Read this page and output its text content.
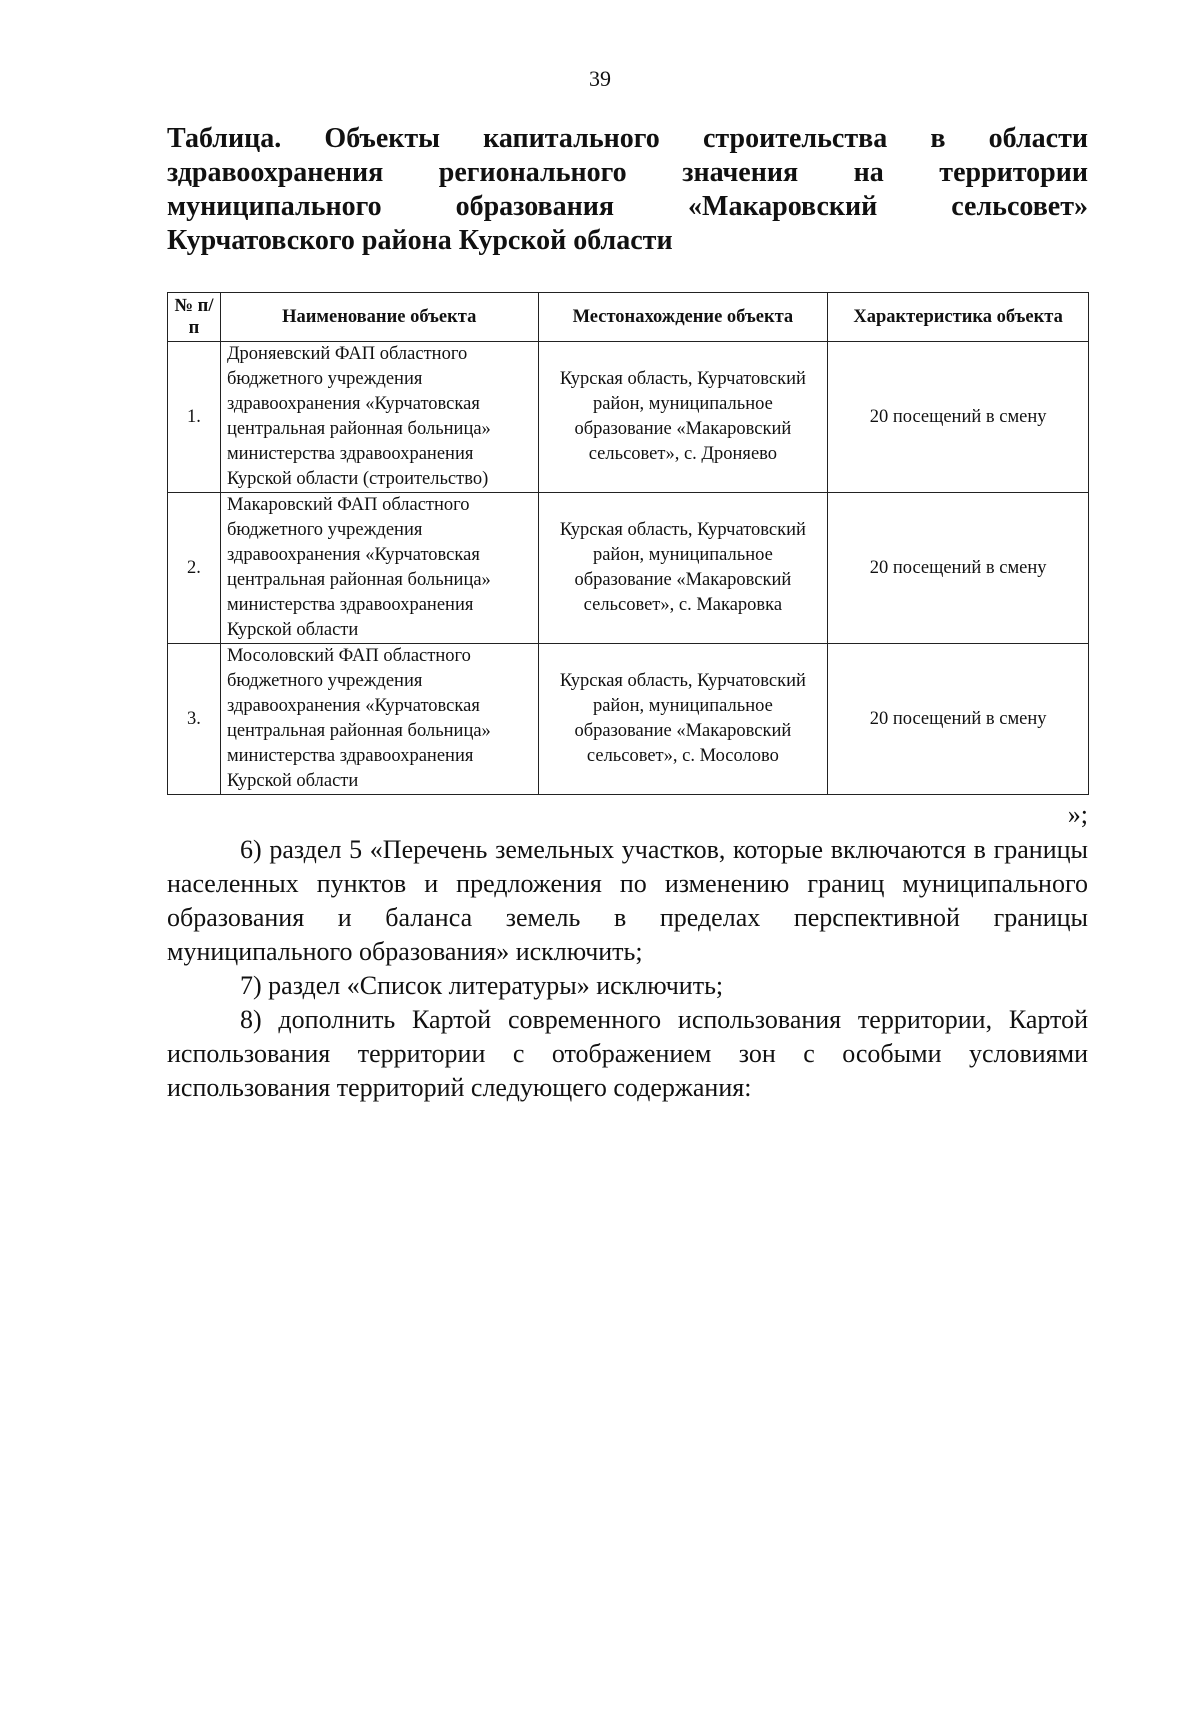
39
Таблица. Объекты капитального строительства в области
здравоохранения регионального значения на территории
муниципального образования «Макаровский сельсовет»
Курчатовского района Курской области
№ п/п	Наименование объекта	Местонахождение объекта	Характеристика объекта
1.	Дроняевский ФАП областного бюджетного учреждения здравоохранения «Курчатовская центральная районная больница» министерства здравоохранения Курской области (строительство)	Курская область, Курчатовский район, муниципальное образование «Макаровский сельсовет», с. Дроняево	20 посещений в смену
2.	Макаровский ФАП областного бюджетного учреждения здравоохранения «Курчатовская центральная районная больница» министерства здравоохранения Курской области	Курская область, Курчатовский район, муниципальное образование «Макаровский сельсовет», с. Макаровка	20 посещений в смену
3.	Мосоловский ФАП областного бюджетного учреждения здравоохранения «Курчатовская центральная районная больница» министерства здравоохранения Курской области	Курская область, Курчатовский район, муниципальное образование «Макаровский сельсовет», с. Мосолово	20 посещений в смену
»;

6) раздел 5 «Перечень земельных участков, которые включаются в границы населенных пунктов и предложения по изменению границ муниципального образования и баланса земель в пределах перспективной границы муниципального образования» исключить;

7) раздел «Список литературы» исключить;

8) дополнить Картой современного использования территории, Картой использования территории с отображением зон с особыми условиями использования территорий следующего содержания:
